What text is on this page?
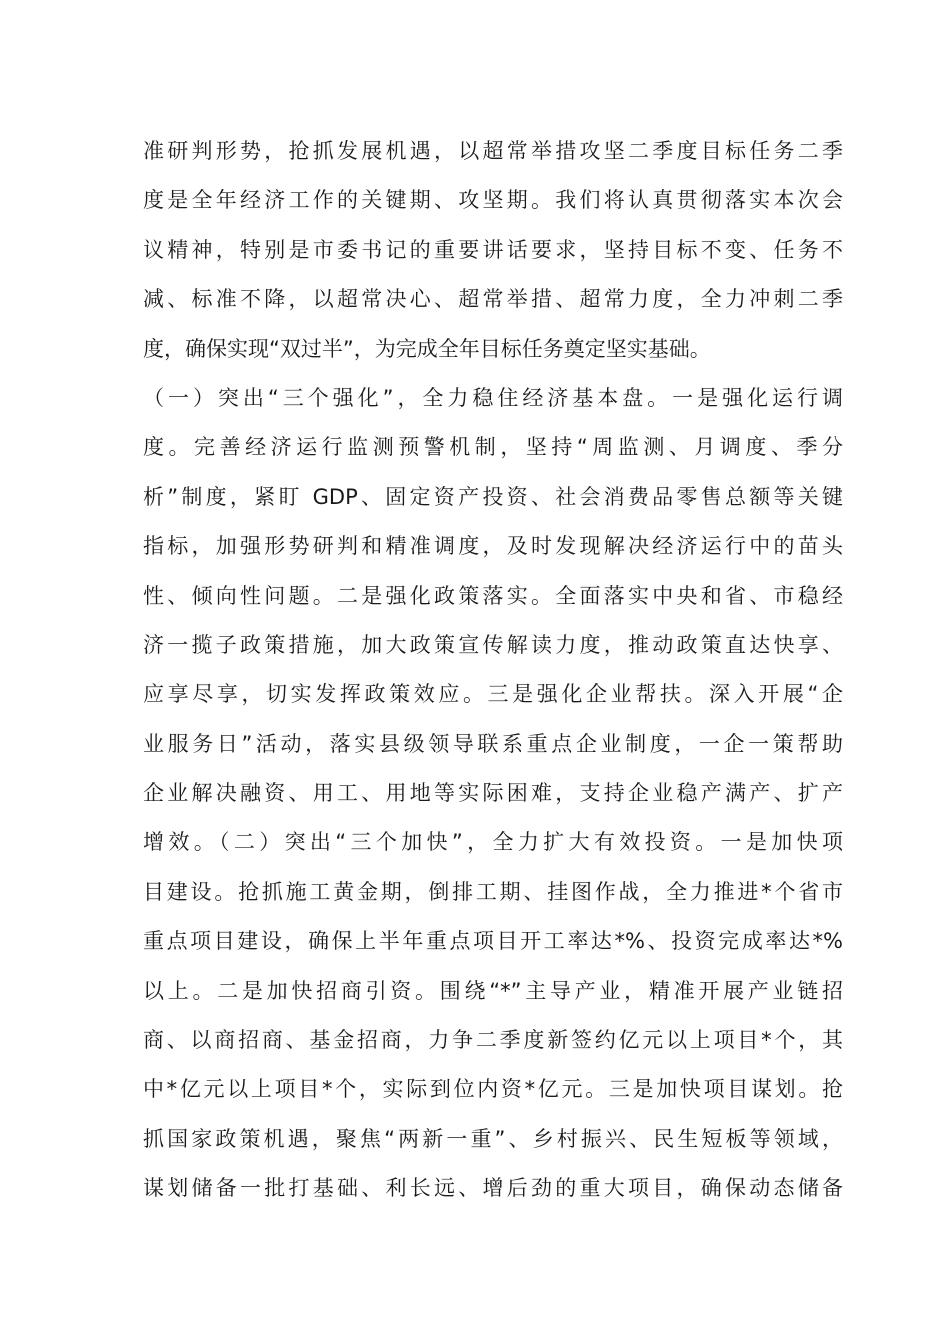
准研判形势，抢抓发展机遇，以超常举措攻坚二季度目标任务二季
度是全年经济工作的关键期、攻坚期。我们将认真贯彻落实本次会
议精神，特别是市委书记的重要讲话要求，坚持目标不变、任务不
减、标准不降，以超常决心、超常举措、超常力度，全力冲刺二季
度，确保实现“双过半”，为完成全年目标任务奠定坚实基础。
（一）突出“三个强化”，全力稳住经济基本盘。一是强化运行调
度。完善经济运行监测预警机制，坚持“周监测、月调度、季分
析”制度，紧盯 GDP、固定资产投资、社会消费品零售总额等关键
指标，加强形势研判和精准调度，及时发现解决经济运行中的苗头
性、倾向性问题。二是强化政策落实。全面落实中央和省、市稳经
济一揽子政策措施，加大政策宣传解读力度，推动政策直达快享、
应享尽享，切实发挥政策效应。三是强化企业帮扶。深入开展“企
业服务日”活动，落实县级领导联系重点企业制度，一企一策帮助
企业解决融资、用工、用地等实际困难，支持企业稳产满产、扩产
增效。（二）突出“三个加快”，全力扩大有效投资。一是加快项
目建设。抢抓施工黄金期，倒排工期、挂图作战，全力推进*个省市
重点项目建设，确保上半年重点项目开工率达*%、投资完成率达*%
以上。二是加快招商引资。围绕“*”主导产业，精准开展产业链招
商、以商招商、基金招商，力争二季度新签约亿元以上项目*个，其
中*亿元以上项目*个，实际到位内资*亿元。三是加快项目谋划。抢
抓国家政策机遇，聚焦“两新一重”、乡村振兴、民生短板等领域，
谋划储备一批打基础、利长远、增后劲的重大项目，确保动态储备
